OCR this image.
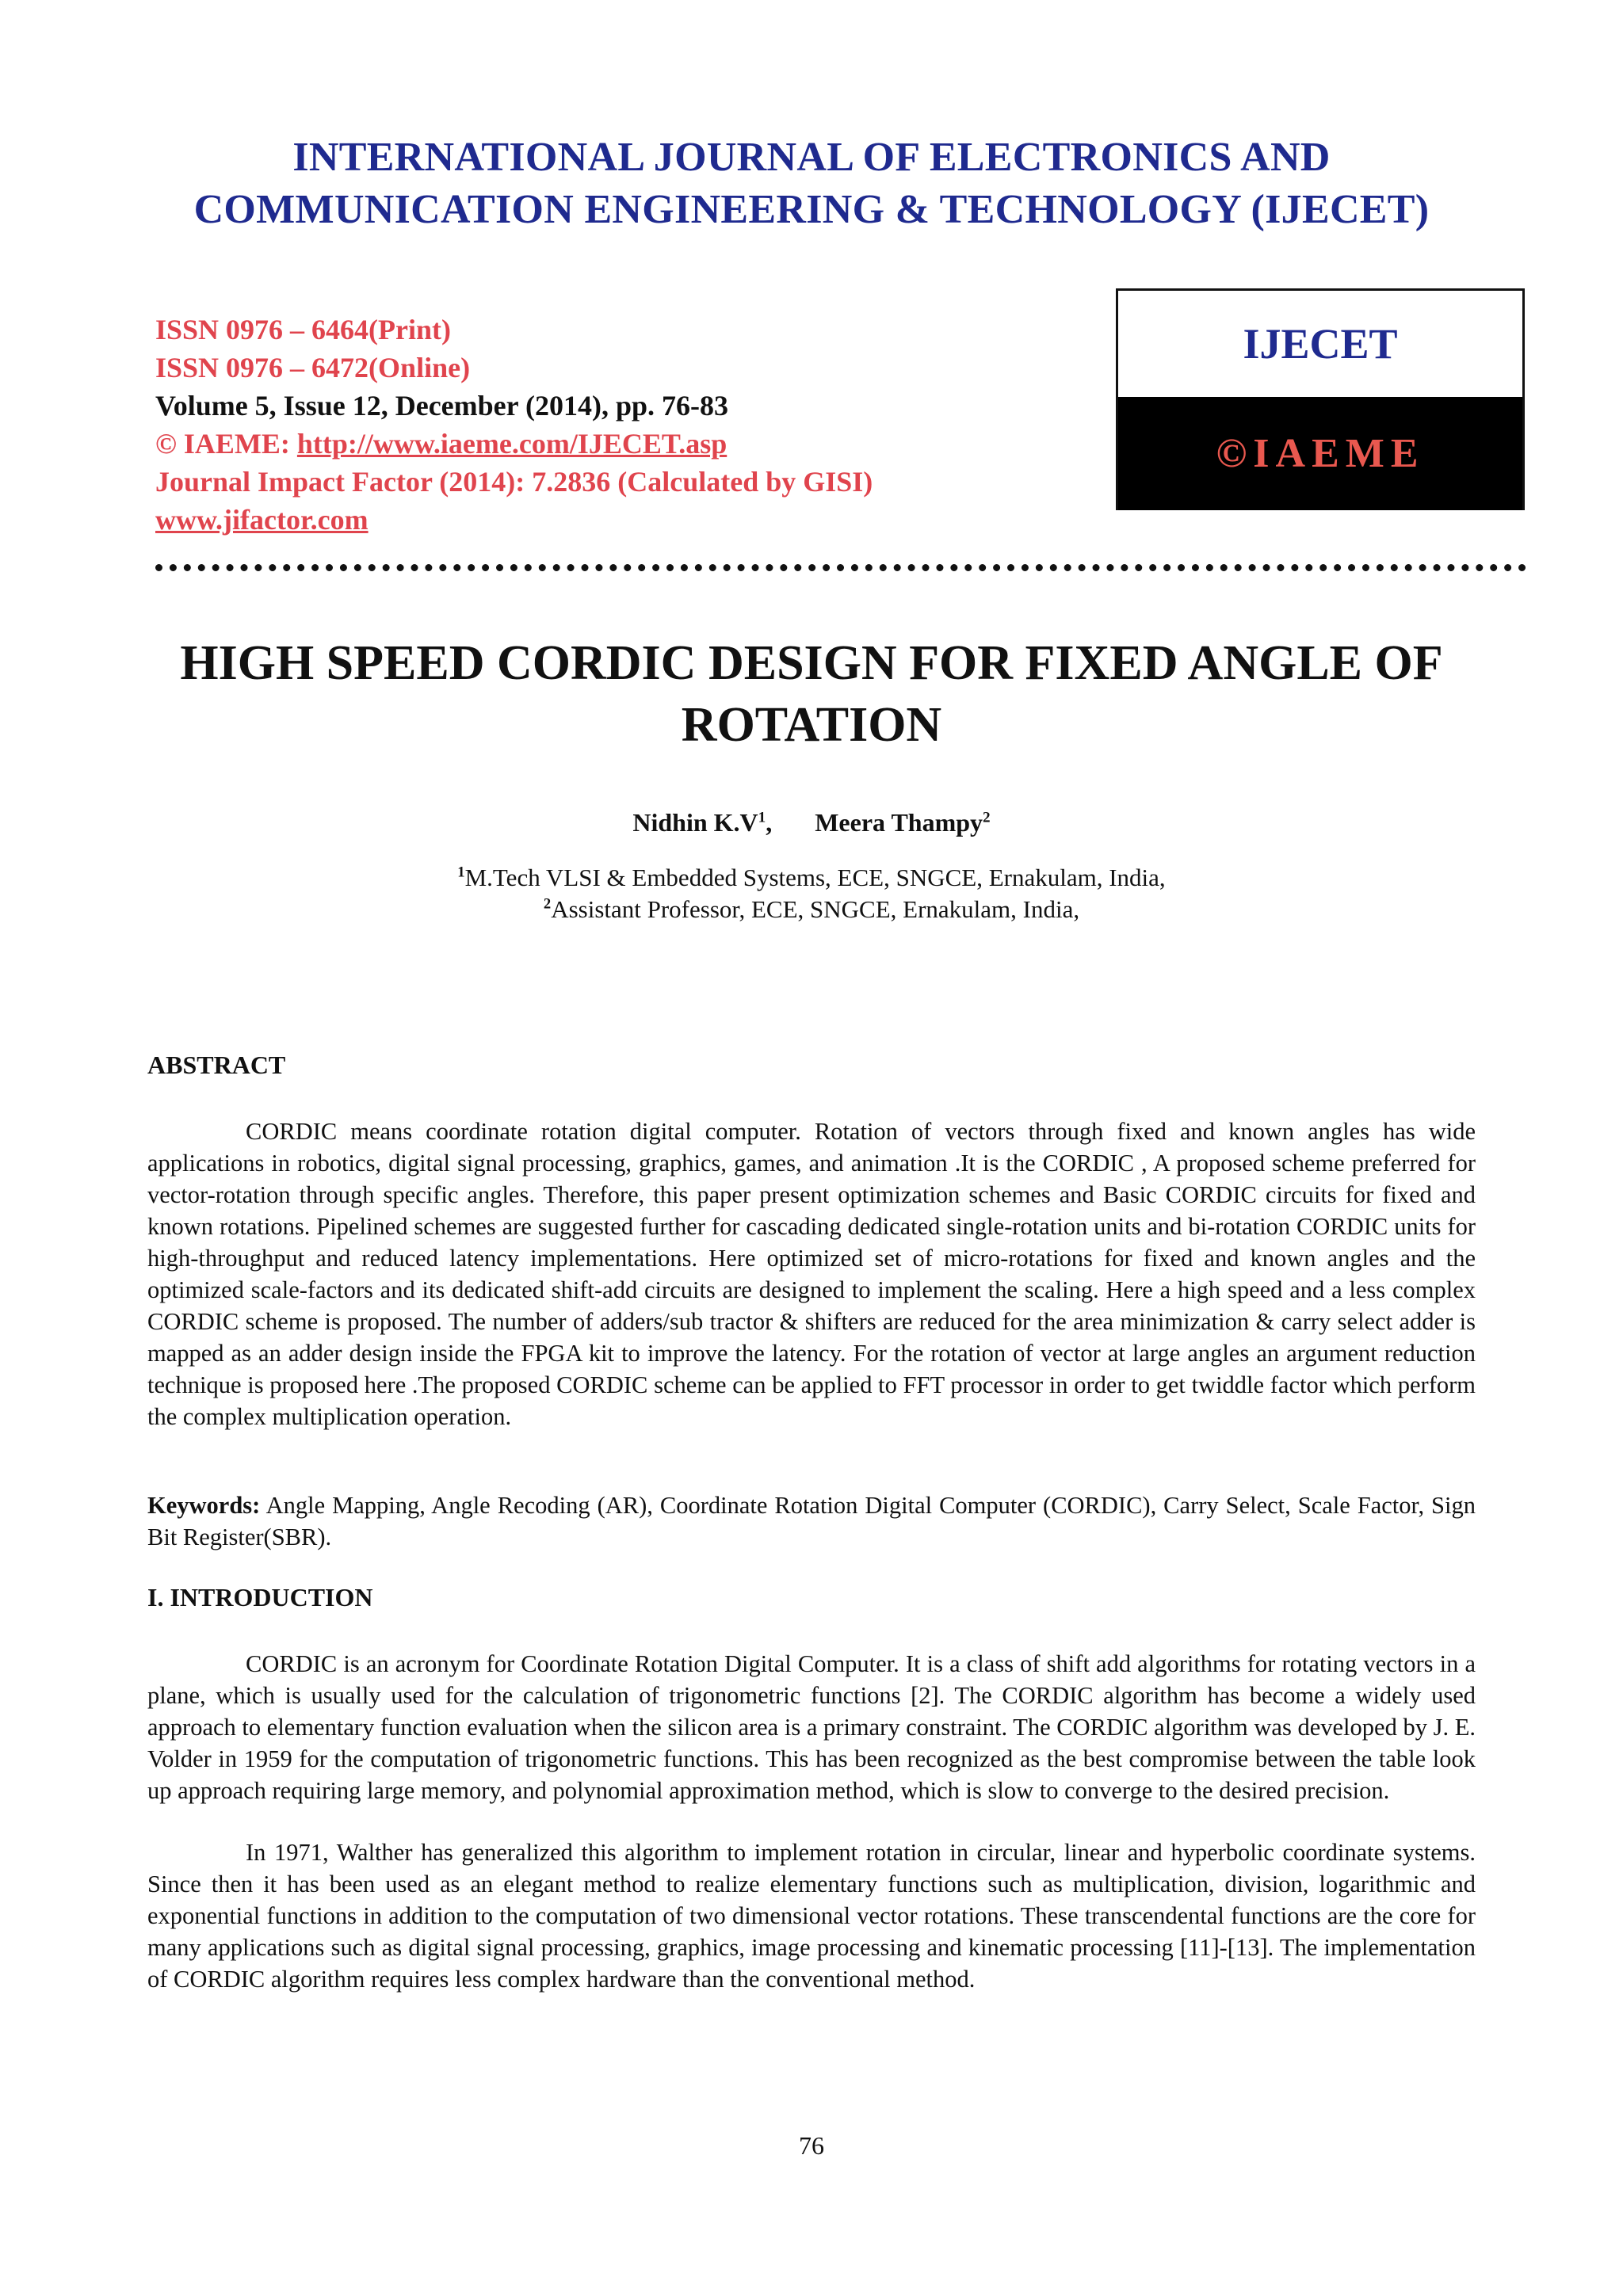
INTERNATIONAL JOURNAL OF ELECTRONICS AND
COMMUNICATION ENGINEERING & TECHNOLOGY (IJECET)
ISSN 0976 – 6464(Print)
ISSN 0976 – 6472(Online)
Volume 5, Issue 12, December (2014), pp. 76-83
© IAEME: http://www.iaeme.com/IJECET.asp
Journal Impact Factor (2014): 7.2836 (Calculated by GISI)
www.jifactor.com
IJECET
©IAEME
HIGH SPEED CORDIC DESIGN FOR FIXED ANGLE OF
ROTATION
Nidhin $K.V^1$, Meera Thampy$^2$
$^1$M.Tech VLSI & Embedded Systems, ECE, SNGCE, Ernakulam, India,
$^2$Assistant Professor, ECE, SNGCE, Ernakulam, India,
ABSTRACT
CORDIC means coordinate rotation digital computer. Rotation of vectors through fixed and known angles has wide applications in robotics, digital signal processing, graphics, games, and animation .It is the CORDIC , A proposed scheme preferred for vector-rotation through specific angles. Therefore, this paper present optimization schemes and Basic CORDIC circuits for fixed and known rotations. Pipelined schemes are suggested further for cascading dedicated single-rotation units and bi-rotation CORDIC units for high-throughput and reduced latency implementations. Here optimized set of micro-rotations for fixed and known angles and the optimized scale-factors and its dedicated shift-add circuits are designed to implement the scaling. Here a high speed and a less complex CORDIC scheme is proposed. The number of adders/sub tractor & shifters are reduced for the area minimization & carry select adder is mapped as an adder design inside the FPGA kit to improve the latency. For the rotation of vector at large angles an argument reduction technique is proposed here .The proposed CORDIC scheme can be applied to FFT processor in order to get twiddle factor which perform the complex multiplication operation.
Keywords: Angle Mapping, Angle Recoding (AR), Coordinate Rotation Digital Computer (CORDIC), Carry Select, Scale Factor, Sign Bit Register(SBR).
I. INTRODUCTION
CORDIC is an acronym for Coordinate Rotation Digital Computer. It is a class of shift add algorithms for rotating vectors in a plane, which is usually used for the calculation of trigonometric functions [2]. The CORDIC algorithm has become a widely used approach to elementary function evaluation when the silicon area is a primary constraint. The CORDIC algorithm was developed by J. E. Volder in 1959 for the computation of trigonometric functions. This has been recognized as the best compromise between the table look up approach requiring large memory, and polynomial approximation method, which is slow to converge to the desired precision.
In 1971, Walther has generalized this algorithm to implement rotation in circular, linear and hyperbolic coordinate systems. Since then it has been used as an elegant method to realize elementary functions such as multiplication, division, logarithmic and exponential functions in addition to the computation of two dimensional vector rotations. These transcendental functions are the core for many applications such as digital signal processing, graphics, image processing and kinematic processing [11]-[13]. The implementation of CORDIC algorithm requires less complex hardware than the conventional method.
76
